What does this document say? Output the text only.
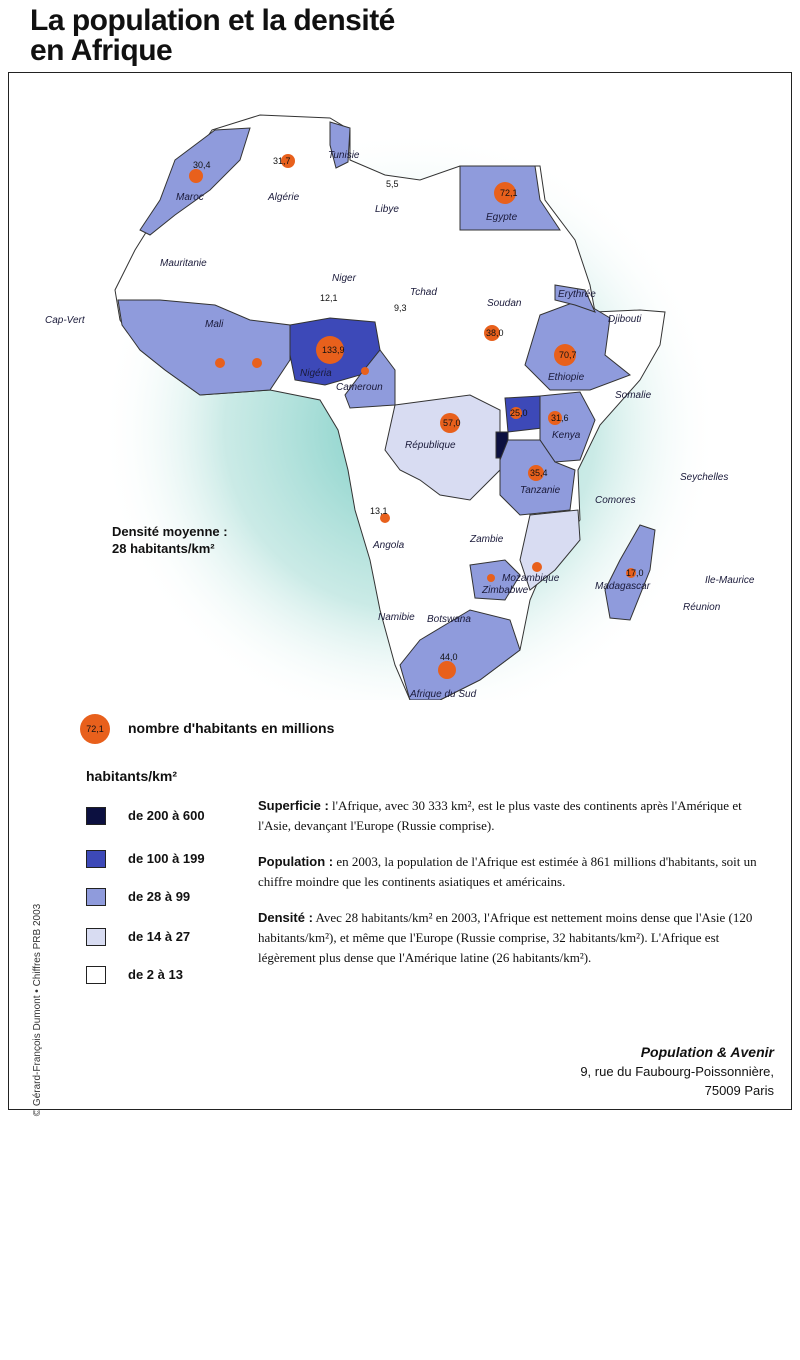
La population et la densité
en Afrique
© Gérard-François Dumont • Chiffres PRB 2003
Maroc	Algérie
Tunisie
Libye
Egypte
Mauritanie
Niger
Tchad
Soudan
Erythrée
Djibouti
Ethiopie
Somalie
Cap-Vert	Mali
Nigéria
Cameroun
République
Angola
Zambie
Kenya
Tanzanie
Madagascar
Namibie Botswana
Zimbabwe
Mozambique
Afrique du Sud
Seychelles
Comores
Ile-Maurice
Réunion
133,9
72,1
70,7
57,0
44,0
38,0
35,4
31,7
31,6
30,4
25,0
13,1
17,0
5,5
12,1
9,3
Densité moyenne :
28 habitants/km²
72,1 nombre d'habitants en millions
habitants/km²
de 200 à 600
de 100 à 199
de 28 à 99
de 14 à 27
de 2 à 13
Superficie : l'Afrique, avec 30 333 km², est le plus vaste des continents après l'Amérique et l'Asie, devançant l'Europe (Russie comprise).
Population : en 2003, la population de l'Afrique est estimée à 861 millions d'habitants, soit un chiffre moindre que les continents asiatiques et américains.
Densité : Avec 28 habitants/km² en 2003, l'Afrique est nettement moins dense que l'Asie (120 habitants/km²), et même que l'Europe (Russie comprise, 32 habitants/km²). L'Afrique est légèrement plus dense que l'Amérique latine (26 habitants/km²).
Population & Avenir
9, rue du Faubourg-Poissonnière,
75009 Paris
